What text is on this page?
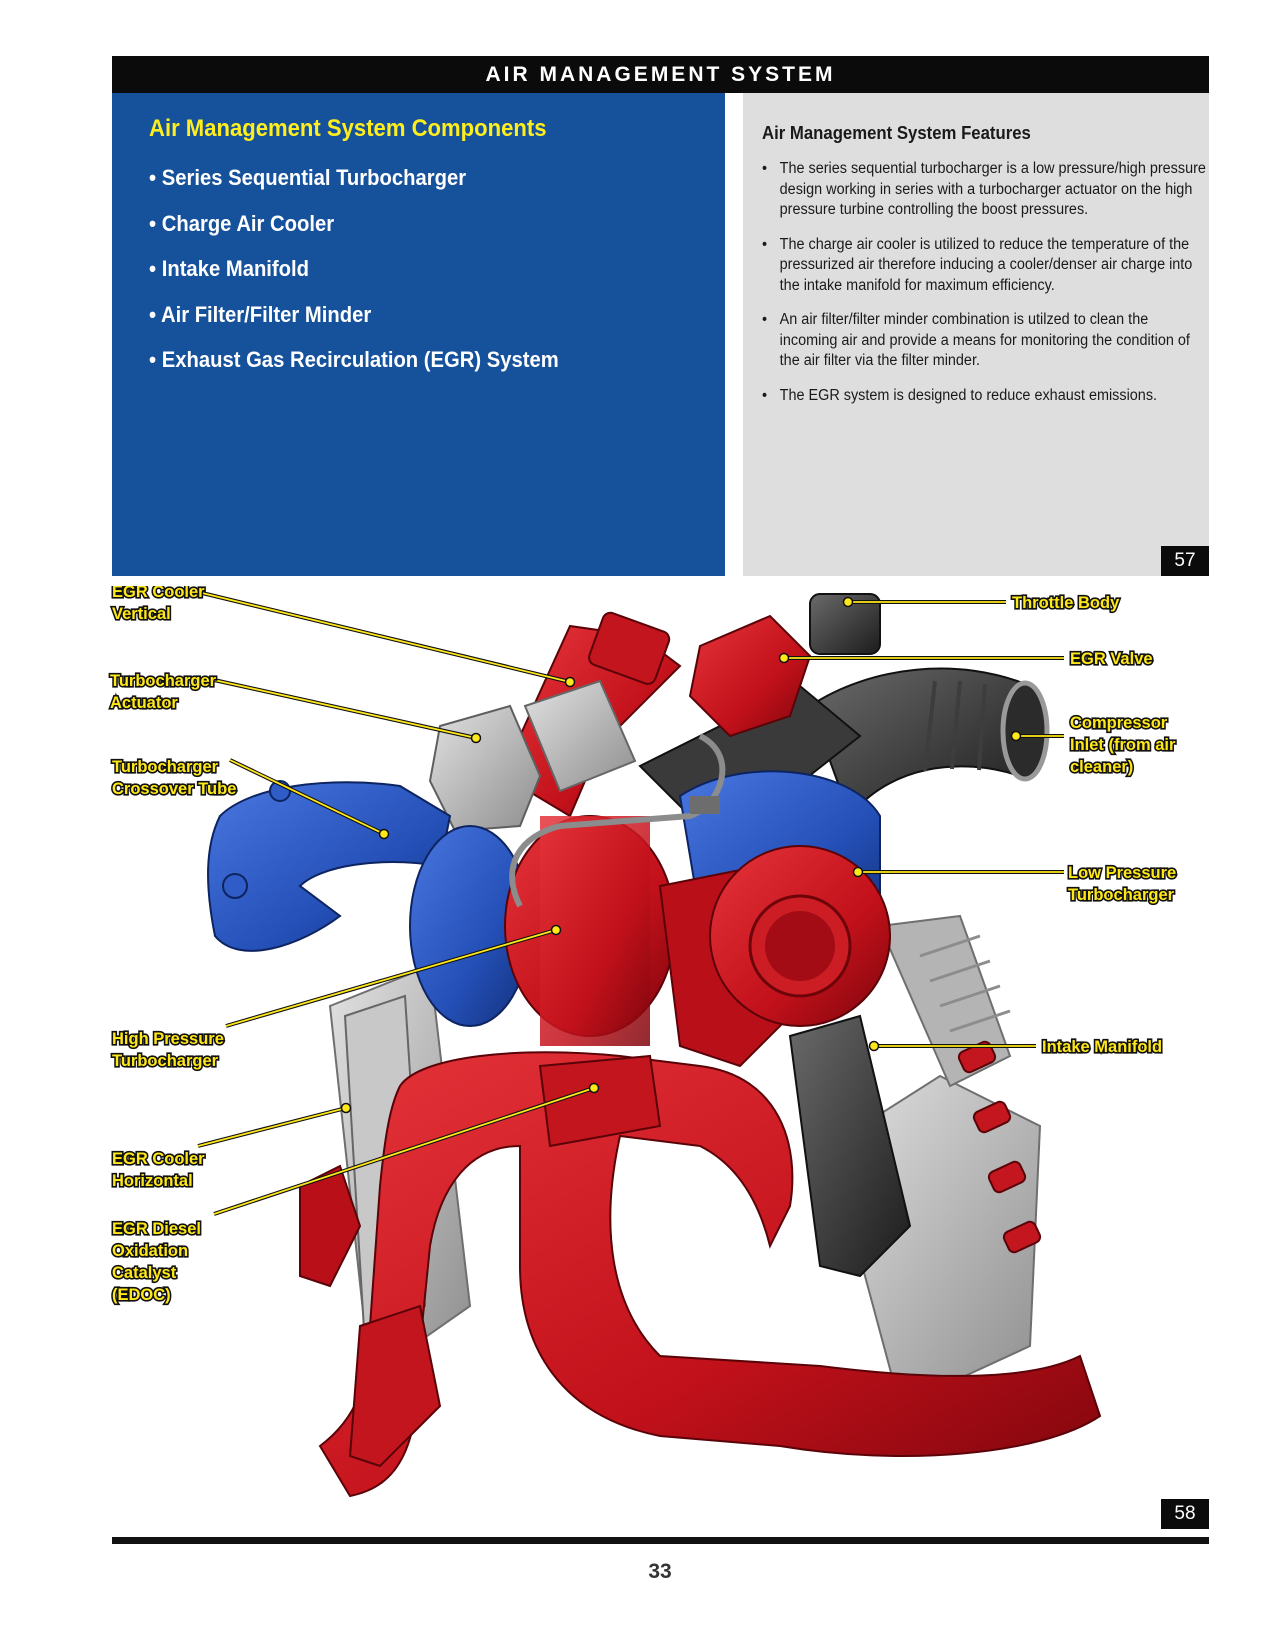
AIR MANAGEMENT SYSTEM
Air Management System Components
• Series Sequential Turbocharger
• Charge Air Cooler
• Intake Manifold
• Air Filter/Filter Minder
• Exhaust Gas Recirculation (EGR) System
Air Management System Features
• The series sequential turbocharger is a low pressure/high pressure design working in series with a turbocharger actuator on the high pressure turbine controlling the boost pressures.
• The charge air cooler is utilized to reduce the temperature of the pressurized air therefore inducing a cooler/denser air charge into the intake manifold for maximum efficiency.
• An air filter/filter minder combination is utilzed to clean the incoming air and provide a means for monitoring the condition of the air filter via the filter minder.
• The EGR system is designed to reduce exhaust emissions.
57
EGR Cooler Vertical
Turbocharger Actuator
Turbocharger Crossover Tube
High Pressure Turbocharger
EGR Cooler Horizontal
EGR Diesel Oxidation Catalyst (EDOC)
Throttle Body
EGR Valve
Compressor Inlet (from air cleaner)
Low Pressure Turbocharger
Intake Manifold
58
33
